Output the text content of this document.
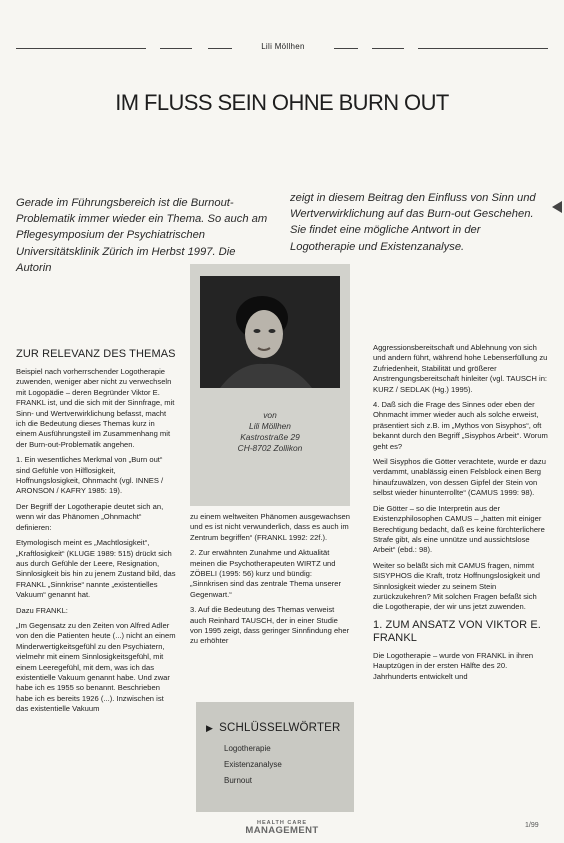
Lili Möllhen
IM FLUSS SEIN OHNE BURN OUT

Gerade im Führungsbereich ist die Burnout-Problematik immer wieder ein Thema. So auch am Pflegesymposium der Psychiatrischen Universitätsklinik Zürich im Herbst 1997. Die Autorin

zeigt in diesem Beitrag den Einfluss von Sinn und Wertverwirklichung auf das Burn-out Geschehen. Sie findet eine mögliche Antwort in der Logotherapie und Existenzanalyse.

ZUR RELEVANZ DES THEMAS

Beispiel nach vorherrschender Logotherapie zuwenden, weniger aber nicht zu verwechseln mit Logopädie – deren Begründer Viktor E. FRANKL ist, und die sich mit der Sinnfrage, mit Sinn- und Wertverwirklichung befasst, macht ich die Bedeutung dieses Themas kurz in einem Ausführungsteil im Zusammenhang mit der Burn-out-Problematik angehen.

1. Ein wesentliches Merkmal von „Burn out“ sind Gefühle von Hilflosigkeit, Hoffnungslosigkeit, Ohnmacht (vgl. INNES / ARONSON / KAFRY 1985: 19).

Der Begriff der Logotherapie deutet sich an, wenn wir das Phänomen „Ohnmacht“ definieren:

Etymologisch meint es „Machtlosigkeit“, „Kraftlosigkeit“ (KLUGE 1989: 515) drückt sich aus durch Gefühle der Leere, Resignation, Sinnlosigkeit bis hin zu jenem Zustand bild, das FRANKL „Sinnkrise“ nannte „existentielles Vakuum“ genannt hat.

Dazu FRANKL:

„Im Gegensatz zu den Zeiten von Alfred Adler von den die Patienten heute (...) nicht an einem Minderwertigkeitsgefühl zu den Psychiatern, vielmehr mit einem Sinnlosigkeitsgefühl, mit einem Leeregefühl, mit dem, was ich das existentielle Vakuum genannt habe. Und zwar habe ich es 1955 so benannt. Beschrieben habe ich es bereits 1926 (...). Inzwischen ist das existentielle Vakuum

von
Lili Möllhen
Kastrostraße 29
CH-8702 Zollikon

zu einem weltweiten Phänomen ausgewachsen und es ist nicht verwunderlich, dass es auch im Zentrum begriffen“ (FRANKL 1992: 22f.).

2. Zur erwähnten Zunahme und Aktualität meinen die Psychotherapeuten WIRTZ und ZÖBELI (1995: 56) kurz und bündig: „Sinnkrisen sind das zentrale Thema unserer Gegenwart.“

3. Auf die Bedeutung des Themas verweist auch Reinhard TAUSCH, der in einer Studie von 1995 zeigt, dass geringer Sinnfindung eher zu erhöhter

▶ SCHLÜSSELWÖRTER
Logotherapie
Existenzanalyse
Burnout

Aggressionsbereitschaft und Ablehnung von sich und andern führt, während hohe Lebenserfüllung zu Zufriedenheit, Stabilität und größerer Anstrengungsbereitschaft hinleiter (vgl. TAUSCH in: KURZ / SEDLAK (Hg.) 1995).

4. Daß sich die Frage des Sinnes oder eben der Ohnmacht immer wieder auch als solche erweist, präsentiert sich z.B. im „Mythos von Sisyphos“, oft bekannt durch den Begriff „Sisyphos Arbeit“. Worum geht es?

Weil Sisyphos die Götter verachtete, wurde er dazu verdammt, unablässig einen Felsblock einen Berg hinaufzuwälzen, von dessen Gipfel der Stein von selbst wieder hinunterrollte“ (CAMUS 1999: 98).

Die Götter – so die Interpretin aus der Existenzphilosophen CAMUS – „hatten mit einiger Berechtigung bedacht, daß es keine fürchterlichere Strafe gibt, als eine unnütze und aussichtslose Arbeit“ (ebd.: 98).

Weiter so beläßt sich mit CAMUS fragen, nimmt SISYPHOS die Kraft, trotz Hoffnungslosigkeit und Sinnlosigkeit wieder zu seinem Stein zurückzukehren? Mit solchen Fragen befaßt sich die Logotherapie, der wir uns jetzt zuwenden.

1. ZUM ANSATZ VON VIKTOR E. FRANKL

Die Logotherapie – wurde von FRANKL in ihren Hauptzügen in der ersten Hälfte des 20. Jahrhunderts entwickelt und

HEALTH CARE
MANAGEMENT	1/99
